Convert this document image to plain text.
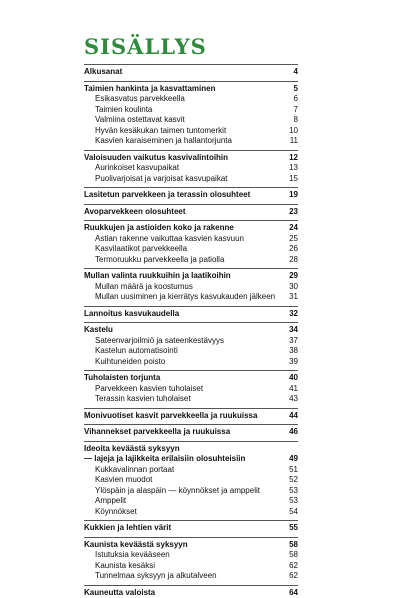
SISÄLLYS
Alkusanat	4
Taimien hankinta ja kasvattaminen	5
Esikasvatus parvekkeella	6
Taimien koulinta	7
Valmiina ostettavat kasvit	8
Hyvän kesäkukan taimen tuntomerkit	10
Kasvien karaiseminen ja hallantorjunta	11
Valoisuuden vaikutus kasvivalintoihin	12
Aurinkoiset kasvupaikat	13
Puolivarjoisat ja varjoisat kasvupaikat	15
Lasitetun parvekkeen ja terassin olosuhteet	19
Avoparvekkeen olosuhteet	23
Ruukkujen ja astioiden koko ja rakenne	24
Astian rakenne vaikuttaa kasvien kasvuun	25
Kasvilaatikot parvekkeella	26
Termoruukku parvekkeella ja patiolla	28
Mullan valinta ruukkuihin ja laatikoihin	29
Mullan määrä ja koostumus	30
Mullan uusiminen ja kierrätys kasvukauden jälkeen	31
Lannoitus kasvukaudella	32
Kastelu	34
Sateenvarjoilmiö ja sateenkestävyys	37
Kastelun automatisointi	38
Kuihtuneiden poisto	39
Tuholaisten torjunta	40
Parvekkeen kasvien tuholaiset	41
Terassin kasvien tuholaiset	43
Monivuotiset kasvit parvekkeella ja ruukuissa	44
Vihannekset parvekkeella ja ruukuissa	46
Ideoita keväästä syksyyn
— lajeja ja lajikkeita erilaisiin olosuhteisiin	49
Kukkavalinnan portaat	51
Kasvien muodot	52
Ylöspäin ja alaspäin — köynnökset ja amppelit	53
Amppelit	53
Köynnökset	54
Kukkien ja lehtien värit	55
Kaunista keväästä syksyyn	58
Istutuksia kevääseen	58
Kaunista kesäksi	62
Tunnelmaa syksyyn ja alkutalveen	62
Kauneutta valoista	64
